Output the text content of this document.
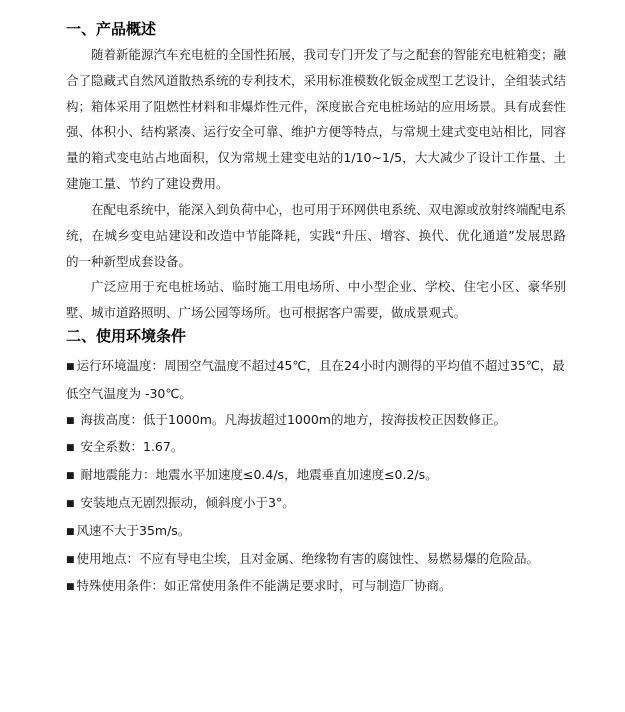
一、产品概述

随着新能源汽车充电桩的全国性拓展，我司专门开发了与之配套的智能充电桩箱变；融合了隐藏式自然风道散热系统的专利技术，采用标准模数化钣金成型工艺设计，全组装式结构；箱体采用了阻燃性材料和非爆炸性元件，深度嵌合充电桩场站的应用场景。具有成套性强、体积小、结构紧凑、运行安全可靠、维护方便等特点，与常规土建式变电站相比，同容量的箱式变电站占地面积，仅为常规土建变电站的1/10~1/5，大大减少了设计工作量、土建施工量、节约了建设费用。

在配电系统中，能深入到负荷中心，也可用于环网供电系统、双电源或放射终端配电系统，在城乡变电站建设和改造中节能降耗，实践“升压、增容、换代、优化通道”发展思路的一种新型成套设备。

广泛应用于充电桩场站、临时施工用电场所、中小型企业、学校、住宅小区、豪华别墅、城市道路照明、广场公园等场所。也可根据客户需要，做成景观式。

二、使用环境条件
■ 运行环境温度：周围空气温度不超过45℃，且在24小时内测得的平均值不超过35℃，最低空气温度为 -30℃。
■ 海拔高度：低于1000m。凡海拔超过1000m的地方，按海拔校正因数修正。
■ 安全系数：1.67。
■ 耐地震能力：地震水平加速度≤0.4/s，地震垂直加速度≤0.2/s。
■ 安装地点无剧烈振动，倾斜度小于3°。
■ 风速不大于35m/s。
■ 使用地点：不应有导电尘埃，且对金属、绝缘物有害的腐蚀性、易燃易爆的危险品。
■ 特殊使用条件：如正常使用条件不能满足要求时，可与制造厂协商。
